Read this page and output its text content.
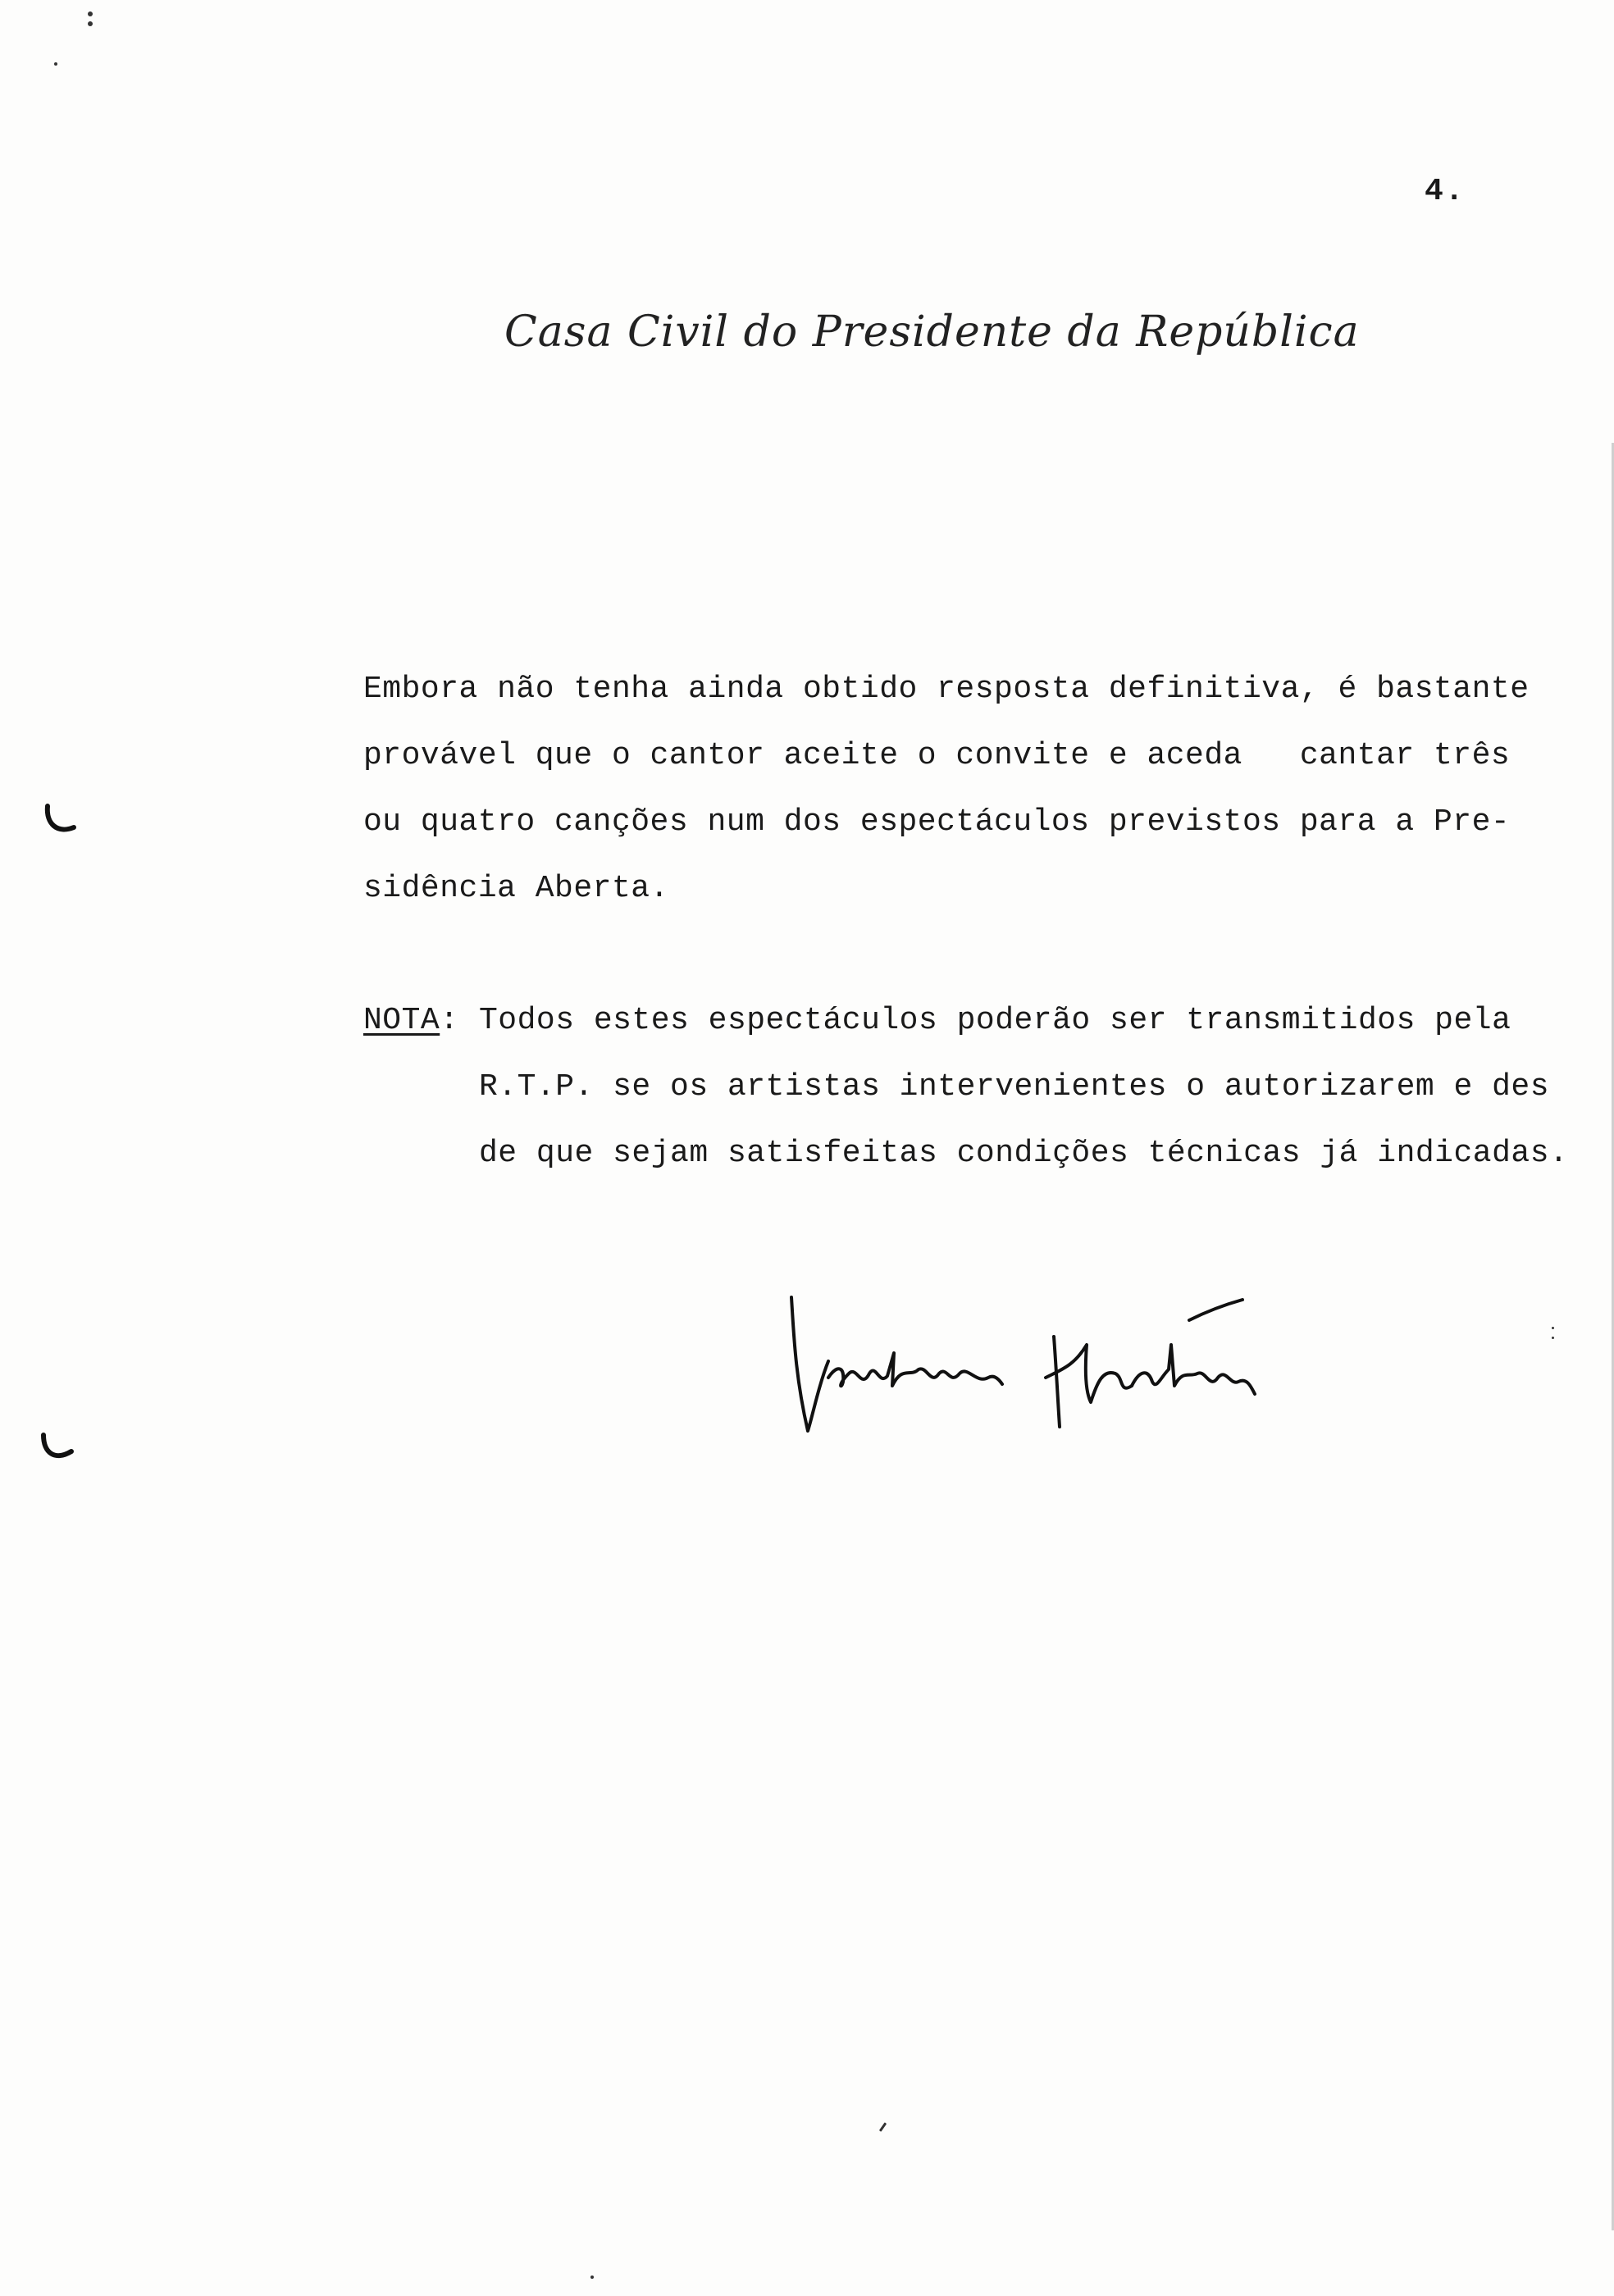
4.
Casa Civil do Presidente da República
Embora não tenha ainda obtido resposta definitiva, é bastante
provável que o cantor aceite o convite e aceda   cantar três
ou quatro canções num dos espectáculos previstos para a Pre-
sidência Aberta.
NOTA: Todos estes espectáculos poderão ser transmitidos pela
R.T.P. se os artistas intervenientes o autorizarem e des
de que sejam satisfeitas condições técnicas já indicadas.
